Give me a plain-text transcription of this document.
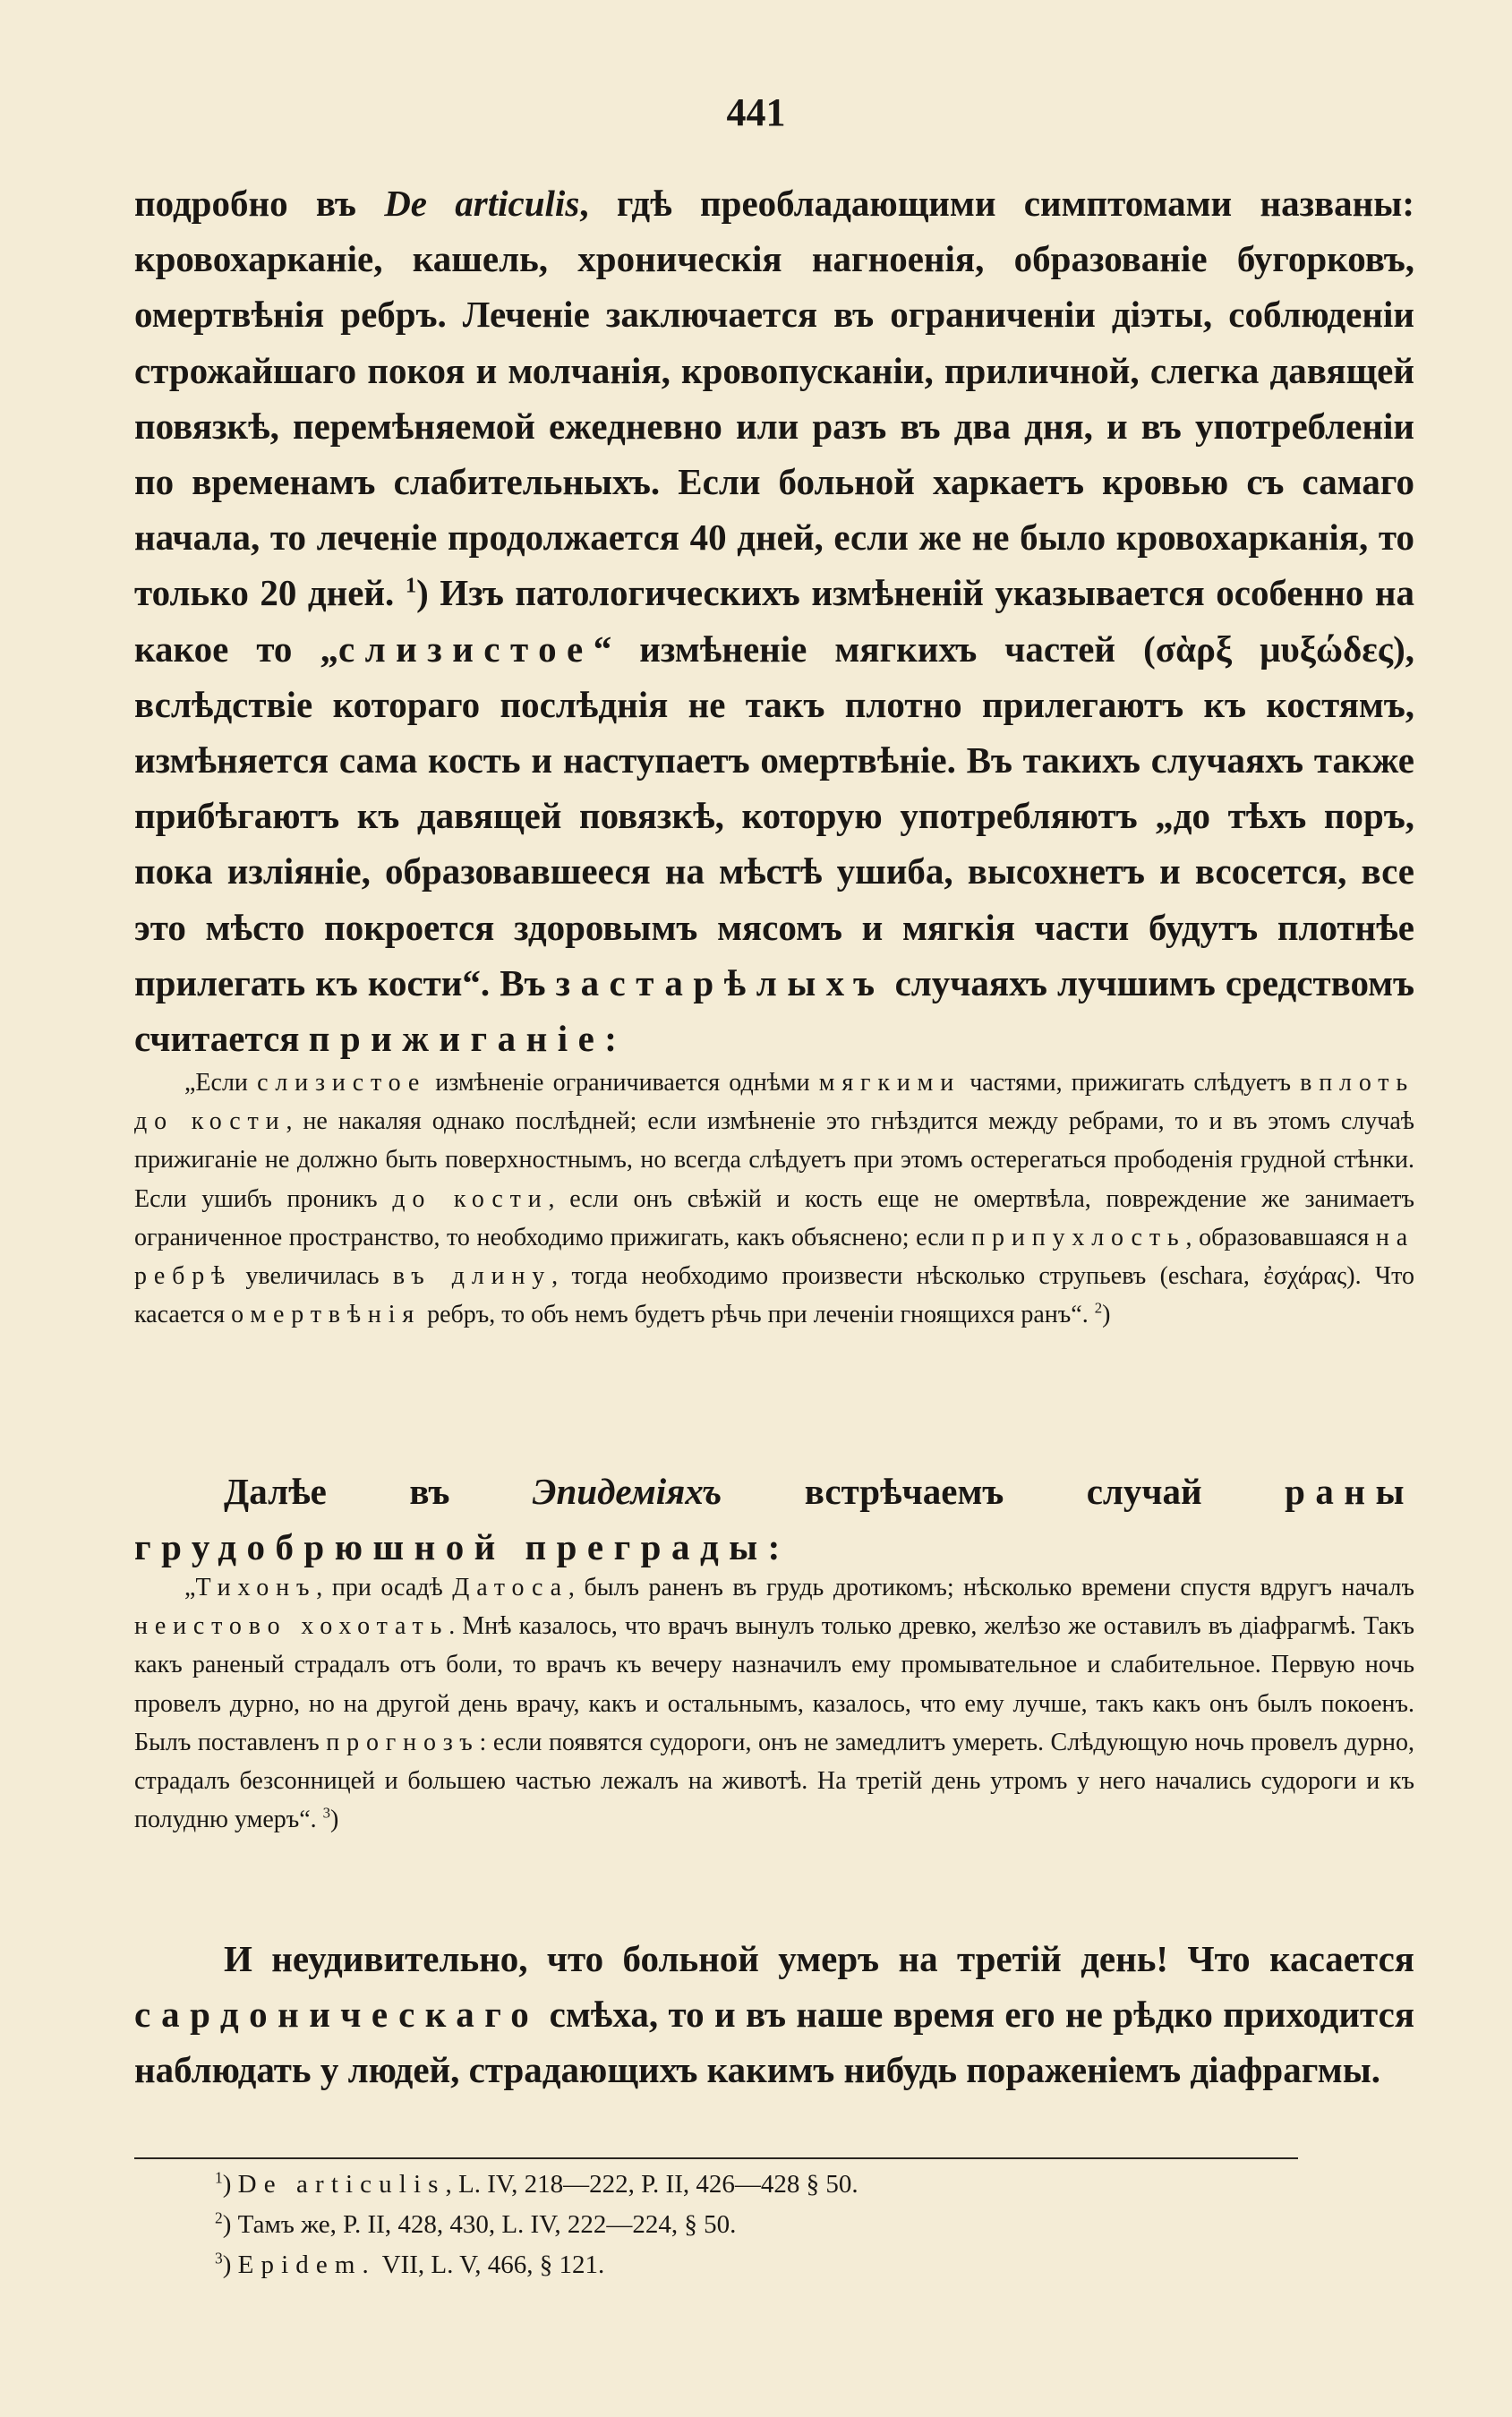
441
подробно въ De articulis, гдѣ преобладающими симптомами названы: кровохарканіе, кашель, хроническія нагноенія, образованіе бугорковъ, омертвѣнія ребръ. Леченіе заключается въ ограниченіи діэты, соблюденіи строжайшаго покоя и молчанія, кровопусканіи, приличной, слегка давящей повязкѣ, перемѣняемой ежедневно или разъ въ два дня, и въ употребленіи по временамъ слабительныхъ. Если больной харкаетъ кровью съ самаго начала, то леченіе продолжается 40 дней, если же не было кровохарканія, то только 20 дней. $^1$) Изъ патологическихъ измѣненій указывается особенно на какое то „слизистое“ измѣненіе мягкихъ частей (σὰρξ μυξώδες), вслѣдствіе котораго послѣднія не такъ плотно прилегаютъ къ костямъ, измѣняется сама кость и наступаетъ омертвѣніе. Въ такихъ случаяхъ также прибѣгаютъ къ давящей повязкѣ, которую употребляютъ „до тѣхъ поръ, пока изліяніе, образовавшееся на мѣстѣ ушиба, высохнетъ и всосется, все это мѣсто покроется здоровымъ мясомъ и мягкія части будутъ плотнѣе прилегать къ кости“. Въ застарѣлыхъ случаяхъ лучшимъ средствомъ считается прижиганіе:
„Если слизистое измѣненіе ограничивается однѣми мягкими частями, прижигать слѣдуетъ вплоть до кости, не накаляя однако послѣдней; если измѣненіе это гнѣздится между ребрами, то и въ этомъ случаѣ прижиганіе не должно быть поверхностнымъ, но всегда слѣдуетъ при этомъ остерегаться прободенія грудной стѣнки. Если ушибъ проникъ до кости, если онъ свѣжій и кость еще не омертвѣла, повреждение же занимаетъ ограниченное пространство, то необходимо прижигать, какъ объяснено; если припухлость, образовавшаяся на ребрѣ увеличилась въ длину, тогда необходимо произвести нѣсколько струпьевъ (eschara, ἐσχάρας). Что касается омертвѣнія ребръ, то объ немъ будетъ рѣчь при леченіи гноящихся ранъ“. $^2$)
Далѣе въ Эпидеміяхъ встрѣчаемъ случай раны грудобрюшной преграды:
„Тихонъ, при осадѣ Датоса, былъ раненъ въ грудь дротикомъ; нѣсколько времени спустя вдругъ началъ неистово хохотать. Мнѣ казалось, что врачъ вынулъ только древко, желѣзо же оставилъ въ діафрагмѣ. Такъ какъ раненый страдалъ отъ боли, то врачъ къ вечеру назначилъ ему промывательное и слабительное. Первую ночь провелъ дурно, но на другой день врачу, какъ и остальнымъ, казалось, что ему лучше, такъ какъ онъ былъ покоенъ. Былъ поставленъ прогнозъ: если появятся судороги, онъ не замедлитъ умереть. Слѣдующую ночь провелъ дурно, страдалъ безсонницей и большею частью лежалъ на животѣ. На третій день утромъ у него начались судороги и къ полудню умеръ“. $^3$)
И неудивительно, что больной умеръ на третій день! Что касается сардоническаго смѣха, то и въ наше время его не рѣдко приходится наблюдать у людей, страдающихъ какимъ нибудь пораженіемъ діафрагмы.
$^1$) De articulis, L. IV, 218—222, P. II, 426—428 § 50.
$^2$) Тамъ же, P. II, 428, 430, L. IV, 222—224, § 50.
$^3$) Epidem. VII, L. V, 466, § 121.
